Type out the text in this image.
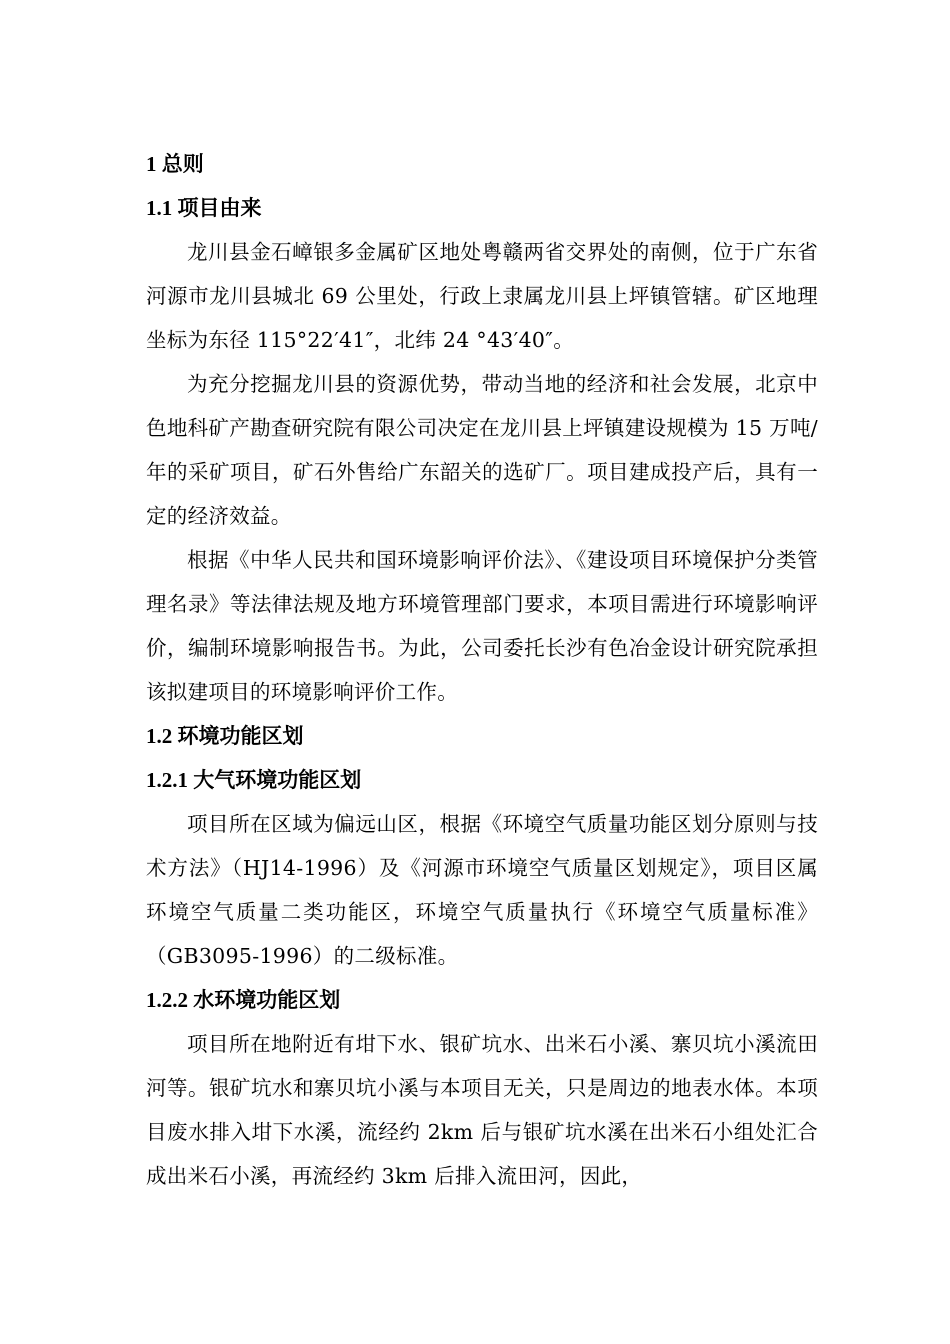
1 总则
1.1 项目由来

龙川县金石嶂银多金属矿区地处粤赣两省交界处的南侧，位于广东省河源市龙川县城北 69 公里处，行政上隶属龙川县上坪镇管辖。矿区地理坐标为东径 115°22′41″，北纬 24 °43′40″。

为充分挖掘龙川县的资源优势，带动当地的经济和社会发展，北京中色地科矿产勘查研究院有限公司决定在龙川县上坪镇建设规模为 15 万吨/年的采矿项目，矿石外售给广东韶关的选矿厂。项目建成投产后，具有一定的经济效益。

根据《中华人民共和国环境影响评价法》、《建设项目环境保护分类管理名录》等法律法规及地方环境管理部门要求，本项目需进行环境影响评价，编制环境影响报告书。为此，公司委托长沙有色冶金设计研究院承担该拟建项目的环境影响评价工作。

1.2 环境功能区划
1.2.1 大气环境功能区划

项目所在区域为偏远山区，根据《环境空气质量功能区划分原则与技术方法》（HJ14-1996）及《河源市环境空气质量区划规定》，项目区属环境空气质量二类功能区，环境空气质量执行《环境空气质量标准》（GB3095-1996）的二级标准。

1.2.2 水环境功能区划

项目所在地附近有坩下水、银矿坑水、出米石小溪、寨贝坑小溪流田河等。银矿坑水和寨贝坑小溪与本项目无关，只是周边的地表水体。本项目废水排入坩下水溪，流经约 2km 后与银矿坑水溪在出米石小组处汇合成出米石小溪，再流经约 3km 后排入流田河，因此，
